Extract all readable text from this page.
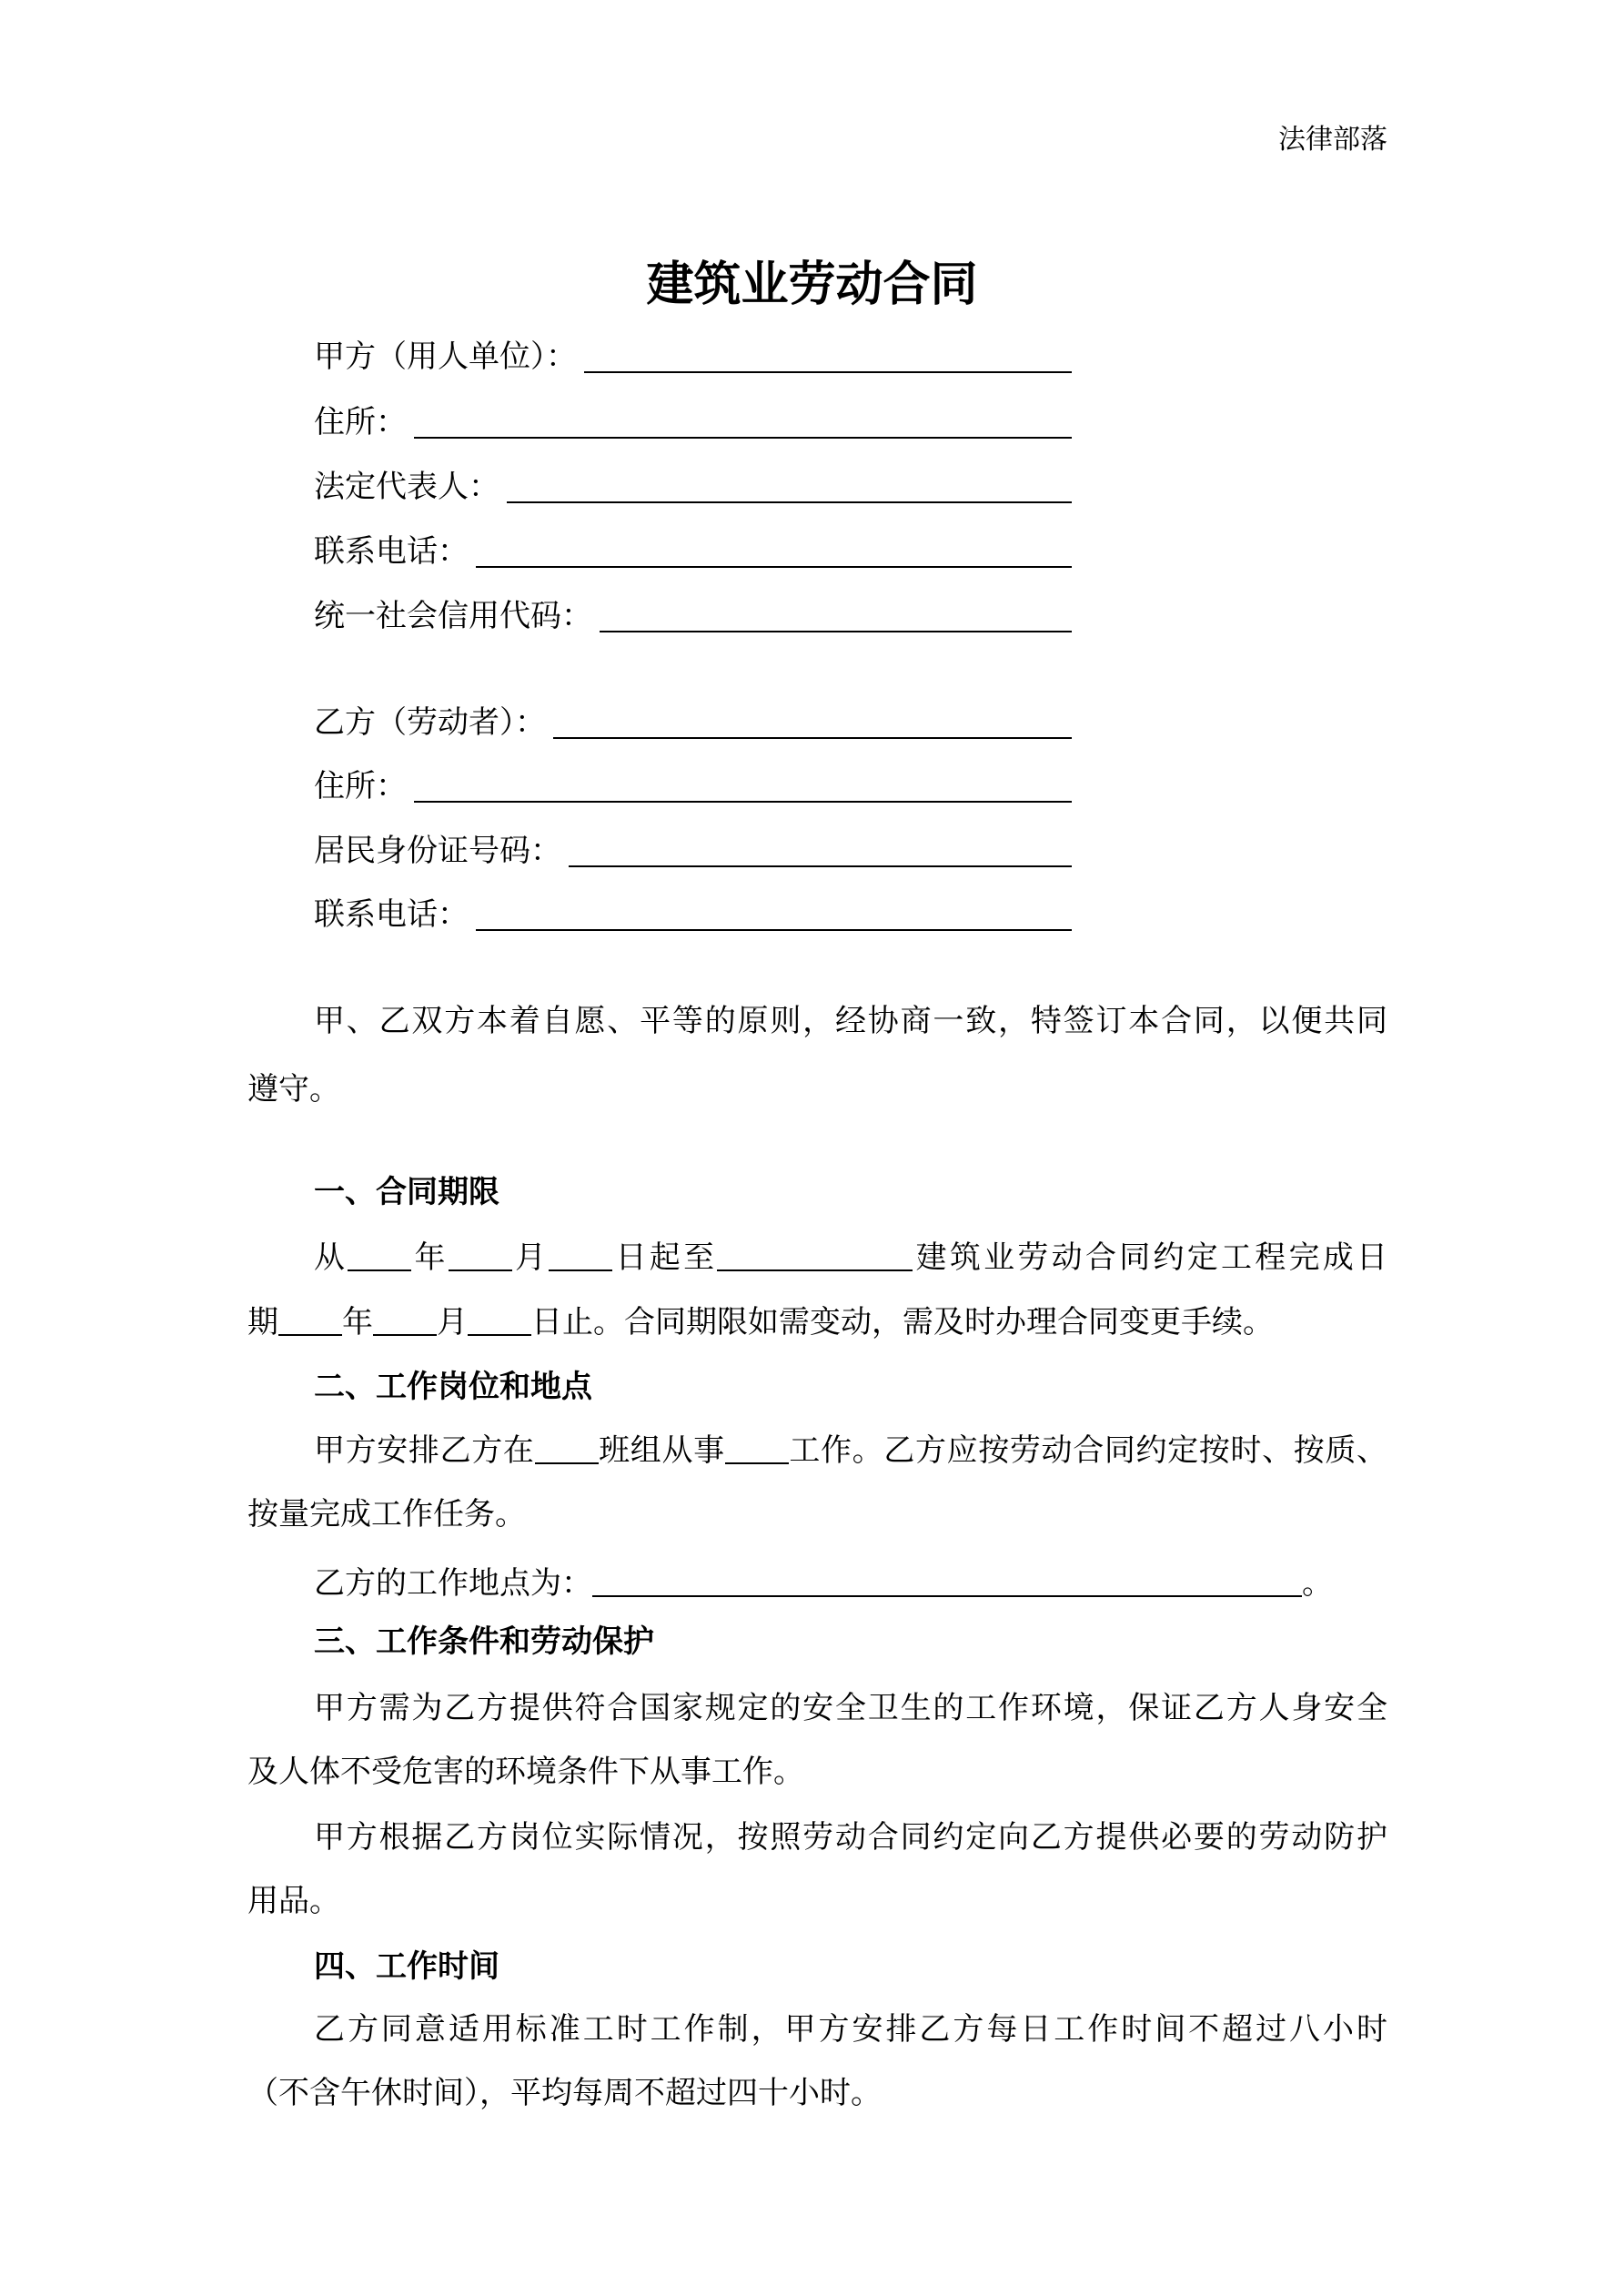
法律部落
建筑业劳动合同
甲方（用人单位）：
住所：
法定代表人：
联系电话：
统一社会信用代码：
乙方（劳动者）：
住所：
居民身份证号码：
联系电话：
甲、乙双方本着自愿、平等的原则，经协商一致，特签订本合同，以便共同
遵守。
一、合同期限
从 年 月 日起至	建筑业劳动合同约定工程完成日
期 年 月 日止。合同期限如需变动，需及时办理合同变更手续。
二、工作岗位和地点
甲方安排乙方在 班组从事 工作。乙方应按劳动合同约定按时、按质、
按量完成工作任务。
乙方的工作地点为：	。
三、工作条件和劳动保护
甲方需为乙方提供符合国家规定的安全卫生的工作环境，保证乙方人身安全
及人体不受危害的环境条件下从事工作。
甲方根据乙方岗位实际情况，按照劳动合同约定向乙方提供必要的劳动防护
用品。
四、工作时间
乙方同意适用标准工时工作制，甲方安排乙方每日工作时间不超过八小时
（不含午休时间），平均每周不超过四十小时。
